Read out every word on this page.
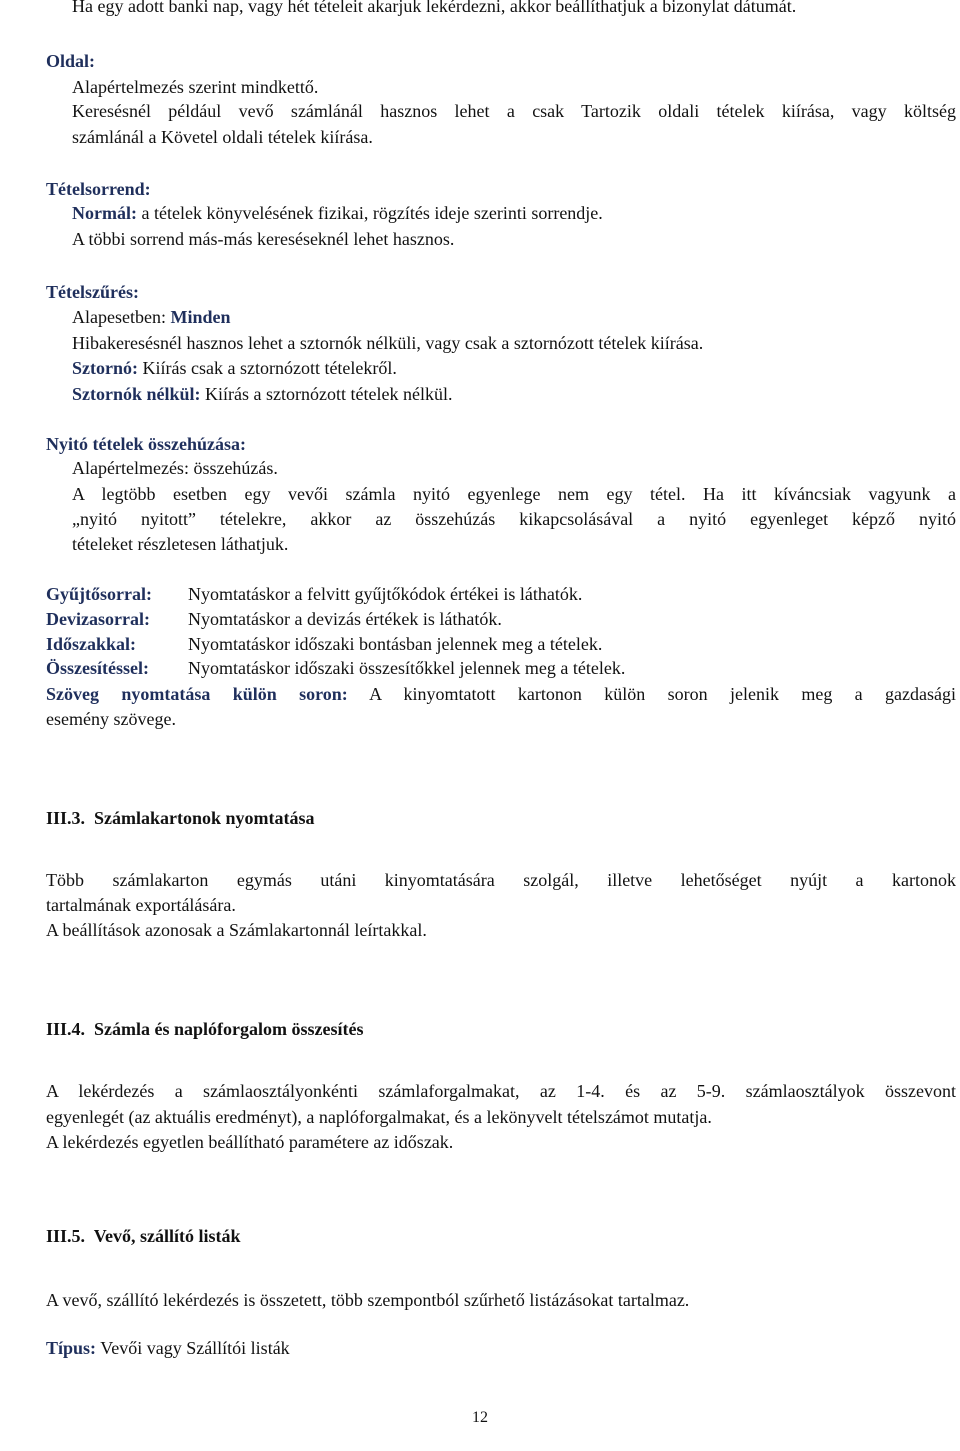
Ha egy adott banki nap, vagy hét tételeit akarjuk lekérdezni, akkor beállíthatjuk a bizonylat dátumát.
Oldal:
Alapértelmezés szerint mindkettő.
Keresésnél például vevő számlánál hasznos lehet a csak Tartozik oldali tételek kiírása, vagy költség
számlánál a Követel oldali tételek kiírása.
Tételsorrend:
Normál: a tételek könyvelésének fizikai, rögzítés ideje szerinti sorrendje.
A többi sorrend más-más kereséseknél lehet hasznos.
Tételszűrés:
Alapesetben: Minden
Hibakeresésnél hasznos lehet a sztornók nélküli, vagy csak a sztornózott tételek kiírása.
Sztornó: Kiírás csak a sztornózott tételekről.
Sztornók nélkül: Kiírás a sztornózott tételek nélkül.
Nyitó tételek összehúzása:
Alapértelmezés: összehúzás.
A legtöbb esetben egy vevői számla nyitó egyenlege nem egy tétel. Ha itt kíváncsiak vagyunk a
„nyitó nyitott” tételekre, akkor az összehúzás kikapcsolásával a nyitó egyenleget képző nyitó
tételeket részletesen láthatjuk.
Gyűjtősorral: Nyomtatáskor a felvitt gyűjtőkódok értékei is láthatók.
Devizasorral: Nyomtatáskor a devizás értékek is láthatók.
Időszakkal:	Nyomtatáskor időszaki bontásban jelennek meg a tételek.
Összesítéssel: Nyomtatáskor időszaki összesítőkkel jelennek meg a tételek.
Szöveg nyomtatása külön soron: A kinyomtatott kartonon külön soron jelenik meg a gazdasági
esemény szövege.
III.3.  Számlakartonok nyomtatása
Több számlakarton egymás utáni kinyomtatására szolgál, illetve lehetőséget nyújt a kartonok
tartalmának exportálására.
A beállítások azonosak a Számlakartonnál leírtakkal.
III.4.  Számla és naplóforgalom összesítés
A lekérdezés a számlaosztályonkénti számlaforgalmakat, az 1-4. és az 5-9. számlaosztályok összevont
egyenlegét (az aktuális eredményt), a naplóforgalmakat, és a lekönyvelt tételszámot mutatja.
A lekérdezés egyetlen beállítható paramétere az időszak.
III.5.  Vevő, szállító listák
A vevő, szállító lekérdezés is összetett, több szempontból szűrhető listázásokat tartalmaz.
Típus: Vevői vagy Szállítói listák
12
